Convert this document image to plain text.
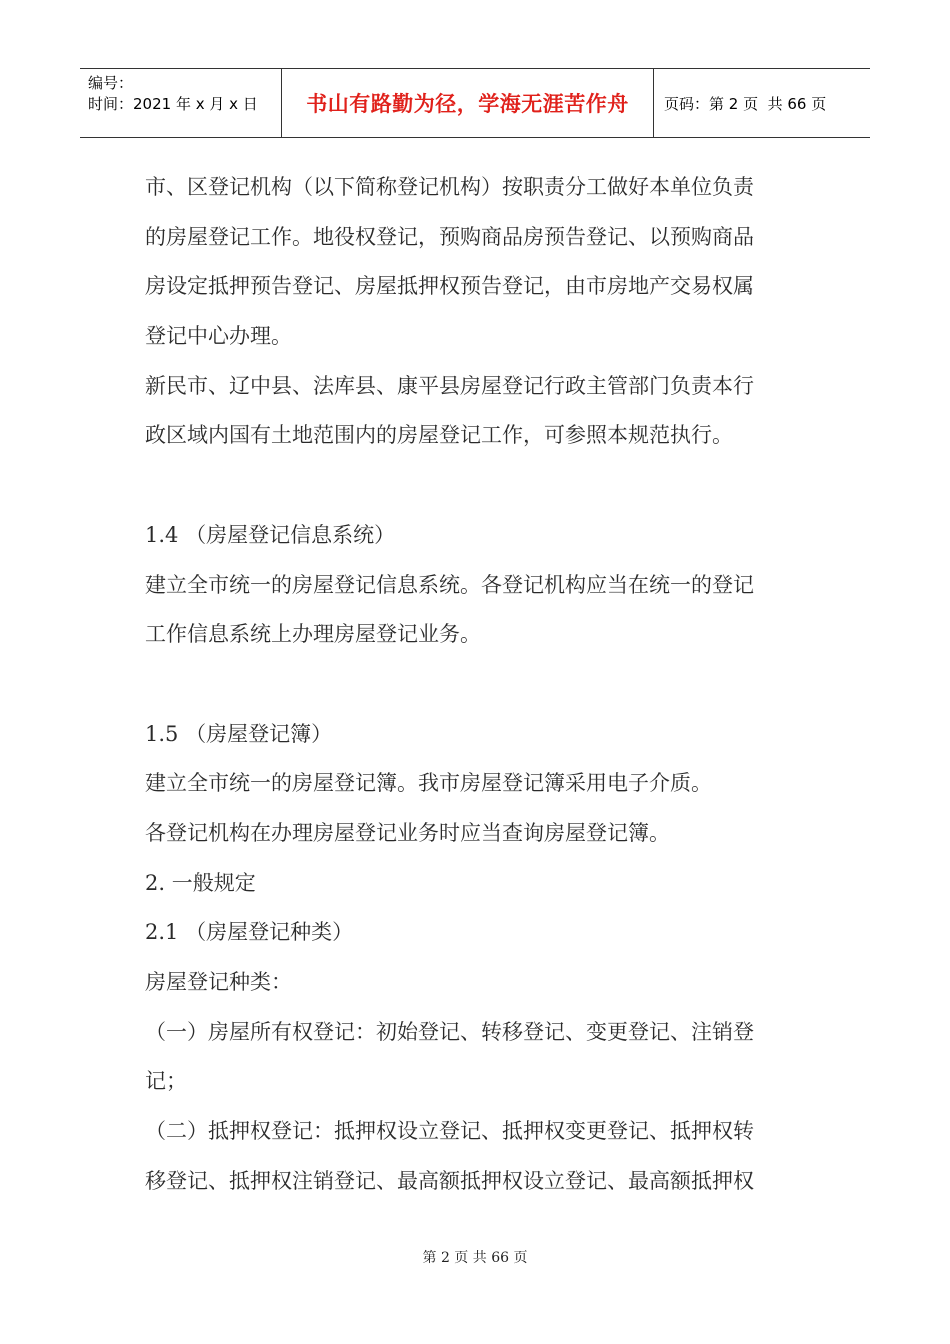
编号：
时间：2021 年 x 月 x 日	书山有路勤为径，学海无涯苦作舟 页码：第 2 页  共 66 页
市、区登记机构（以下简称登记机构）按职责分工做好本单位负责
的房屋登记工作。地役权登记，预购商品房预告登记、以预购商品
房设定抵押预告登记、房屋抵押权预告登记，由市房地产交易权属
登记中心办理。
新民市、辽中县、法库县、康平县房屋登记行政主管部门负责本行
政区域内国有土地范围内的房屋登记工作，可参照本规范执行。
1.4 （房屋登记信息系统）
建立全市统一的房屋登记信息系统。各登记机构应当在统一的登记
工作信息系统上办理房屋登记业务。
1.5 （房屋登记簿）
建立全市统一的房屋登记簿。我市房屋登记簿采用电子介质。
各登记机构在办理房屋登记业务时应当查询房屋登记簿。
2. 一般规定
2.1 （房屋登记种类）
房屋登记种类：
（一）房屋所有权登记：初始登记、转移登记、变更登记、注销登
记；
（二）抵押权登记：抵押权设立登记、抵押权变更登记、抵押权转
移登记、抵押权注销登记、最高额抵押权设立登记、最高额抵押权
第 2 页 共 66 页
